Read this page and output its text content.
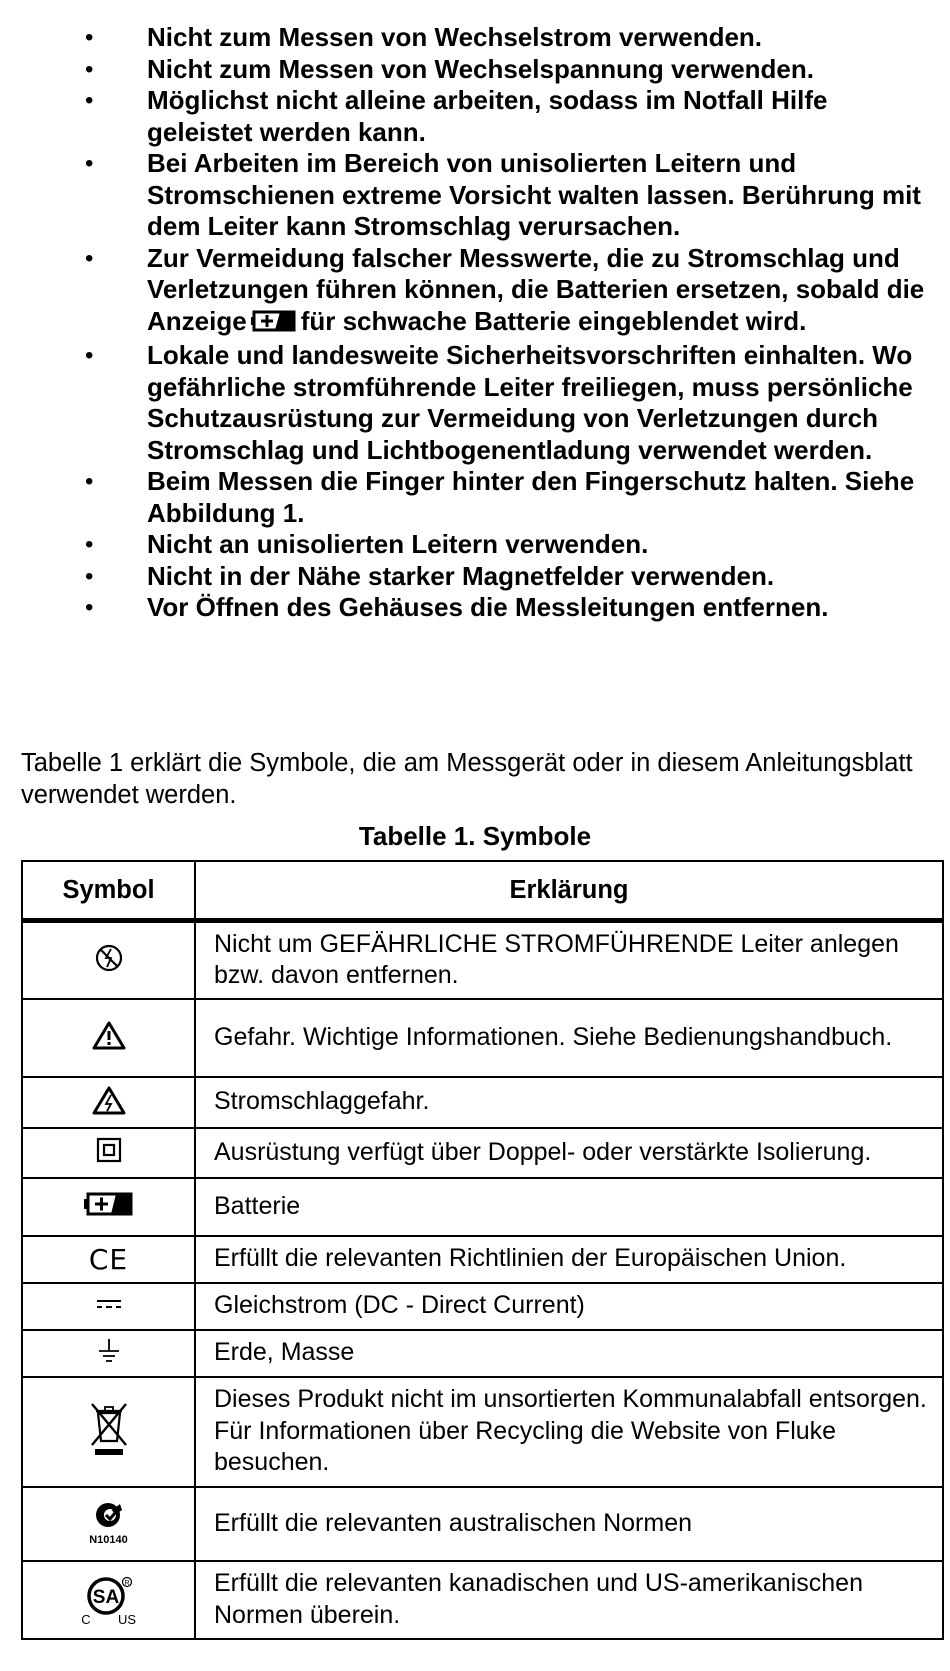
• Nicht zum Messen von Wechselstrom verwenden.
• Nicht zum Messen von Wechselspannung verwenden.
• Möglichst nicht alleine arbeiten, sodass im Notfall Hilfe geleistet werden kann.
• Bei Arbeiten im Bereich von unisolierten Leitern und Stromschienen extreme Vorsicht walten lassen. Berührung mit dem Leiter kann Stromschlag verursachen.
• Zur Vermeidung falscher Messwerte, die zu Stromschlag und Verletzungen führen können, die Batterien ersetzen, sobald die Anzeige für schwache Batterie eingeblendet wird.
• Lokale und landesweite Sicherheitsvorschriften einhalten. Wo gefährliche stromführende Leiter freiliegen, muss persönliche Schutzausrüstung zur Vermeidung von Verletzungen durch Stromschlag und Lichtbogenentladung verwendet werden.
• Beim Messen die Finger hinter den Fingerschutz halten. Siehe Abbildung 1.
• Nicht an unisolierten Leitern verwenden.
• Nicht in der Nähe starker Magnetfelder verwenden.
• Vor Öffnen des Gehäuses die Messleitungen entfernen.
Tabelle 1 erklärt die Symbole, die am Messgerät oder in diesem Anleitungsblatt verwendet werden.
Tabelle 1. Symbole
Symbol	Erklärung
	Nicht um GEFÄHRLICHE STROMFÜHRENDE Leiter anlegen bzw. davon entfernen.
	Gefahr. Wichtige Informationen. Siehe Bedienungshandbuch.
	Stromschlaggefahr.
	Ausrüstung verfügt über Doppel- oder verstärkte Isolierung.
	Batterie
CE	Erfüllt die relevanten Richtlinien der Europäischen Union.
	Gleichstrom (DC - Direct Current)
	Erde, Masse
	Dieses Produkt nicht im unsortierten Kommunalabfall entsorgen. Für Informationen über Recycling die Website von Fluke besuchen.

N10140	Erfüllt die relevanten australischen Normen

SA
R
C US	Erfüllt die relevanten kanadischen und US-amerikanischen Normen überein.
